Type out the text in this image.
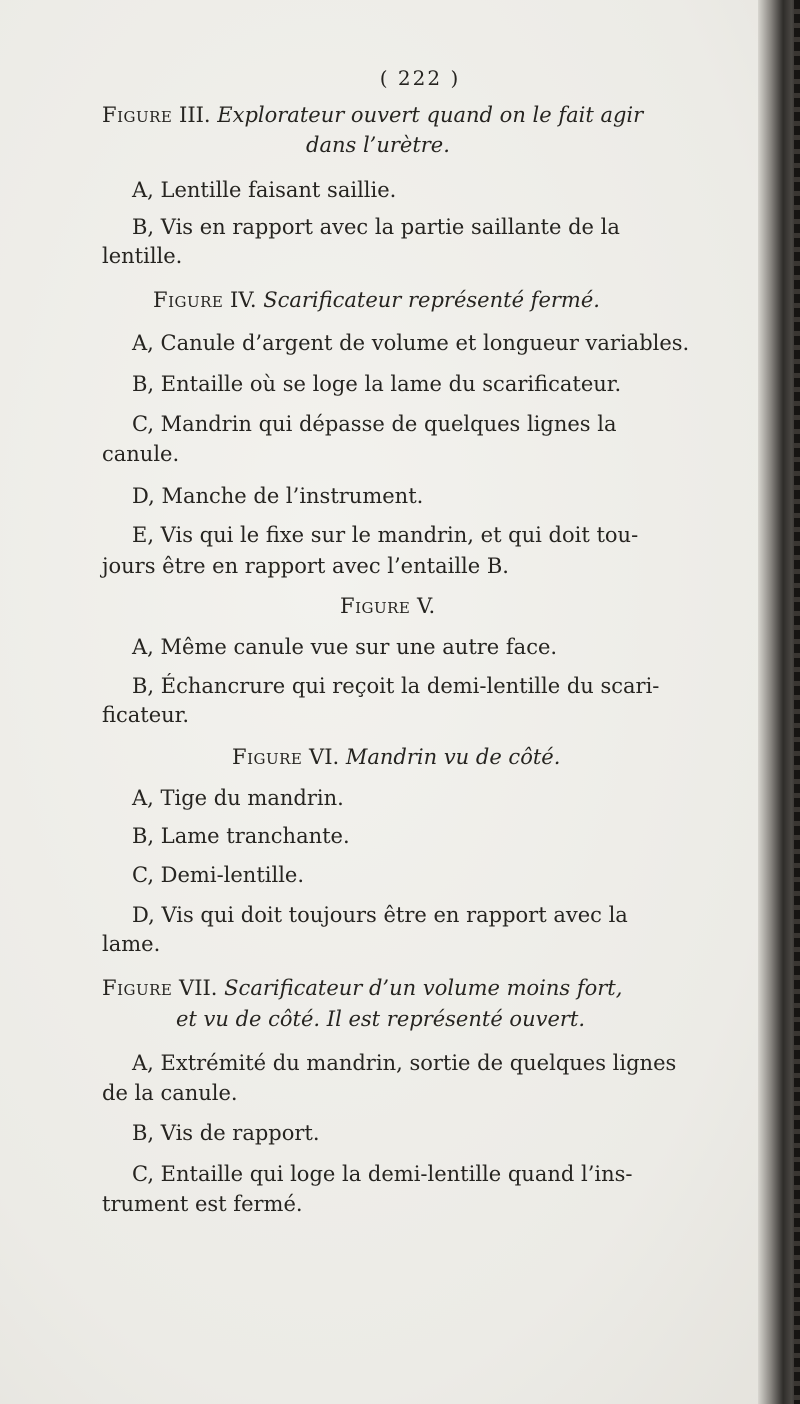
( 222 )
Figure III. Explorateur ouvert quand on le fait agir
dans l’urètre.
A, Lentille faisant saillie.
B, Vis en rapport avec la partie saillante de la
lentille.
Figure IV. Scarificateur représenté fermé.
A, Canule d’argent de volume et longueur variables.
B, Entaille où se loge la lame du scarificateur.
C, Mandrin qui dépasse de quelques lignes la
canule.
D, Manche de l’instrument.
E, Vis qui le fixe sur le mandrin, et qui doit tou-
jours être en rapport avec l’entaille B.
Figure V.
A, Même canule vue sur une autre face.
B, Échancrure qui reçoit la demi-lentille du scari-
ficateur.
Figure VI. Mandrin vu de côté.
A, Tige du mandrin.
B, Lame tranchante.
C, Demi-lentille.
D, Vis qui doit toujours être en rapport avec la
lame.
Figure VII. Scarificateur d’un volume moins fort,
et vu de côté. Il est représenté ouvert.
A, Extrémité du mandrin, sortie de quelques lignes
de la canule.
B, Vis de rapport.
C, Entaille qui loge la demi-lentille quand l’ins-
trument est fermé.
